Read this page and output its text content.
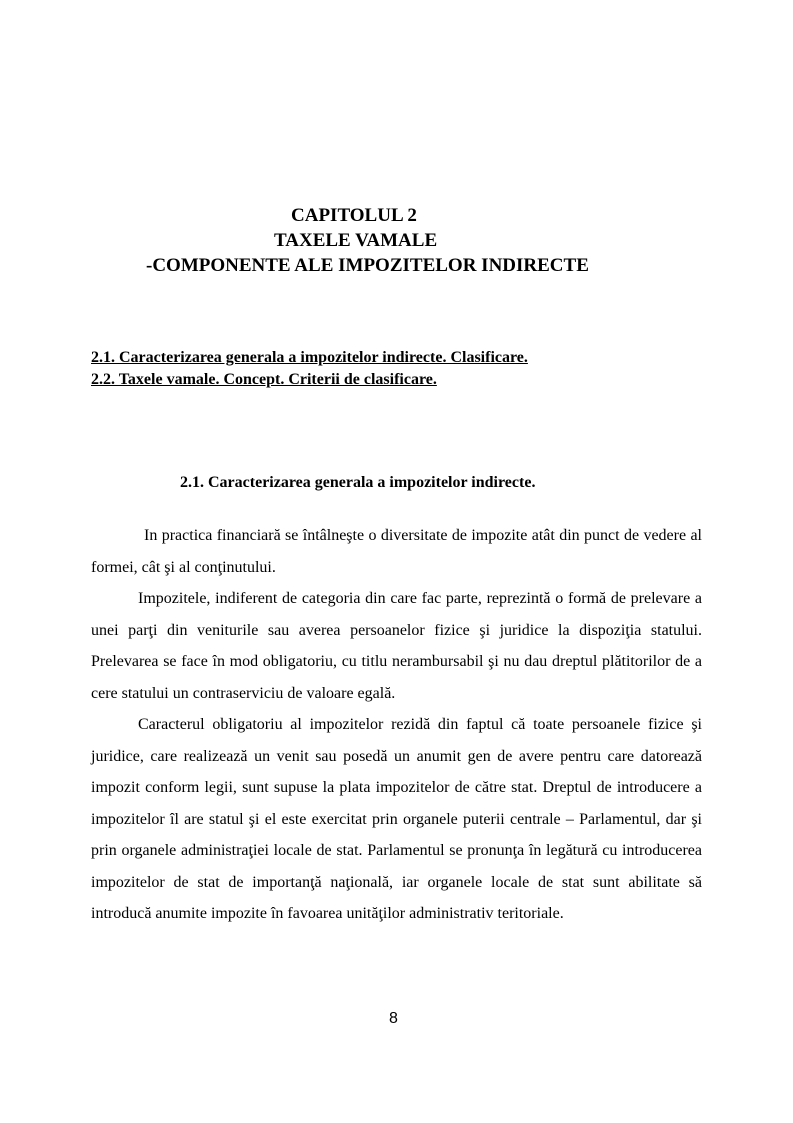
CAPITOLUL 2
TAXELE VAMALE
-COMPONENTE ALE IMPOZITELOR INDIRECTE
2.1. Caracterizarea generala a impozitelor indirecte. Clasificare.
2.2. Taxele vamale. Concept. Criterii de clasificare.
2.1. Caracterizarea generala a impozitelor indirecte.

In practica financiară se întâlneşte o diversitate de impozite atât din punct de vedere al formei, cât şi al conţinutului.

Impozitele, indiferent de categoria din care fac parte, reprezintă o formă de prelevare a unei parţi din veniturile sau averea persoanelor fizice şi juridice la dispoziţia statului. Prelevarea se face în mod obligatoriu, cu titlu nerambursabil şi nu dau dreptul plătitorilor de a cere statului un contraserviciu de valoare egală.

Caracterul obligatoriu al impozitelor rezidă din faptul că toate persoanele fizice şi juridice, care realizează un venit sau posedă un anumit gen de avere pentru care datorează impozit conform legii, sunt supuse la plata impozitelor de către stat. Dreptul de introducere a impozitelor îl are statul şi el este exercitat prin organele puterii centrale – Parlamentul, dar şi prin organele administraţiei locale de stat. Parlamentul se pronunţa în legătură cu introducerea impozitelor de stat de importanţă naţională, iar organele locale de stat sunt abilitate să introducă anumite impozite în favoarea unităţilor administrativ teritoriale.

8
